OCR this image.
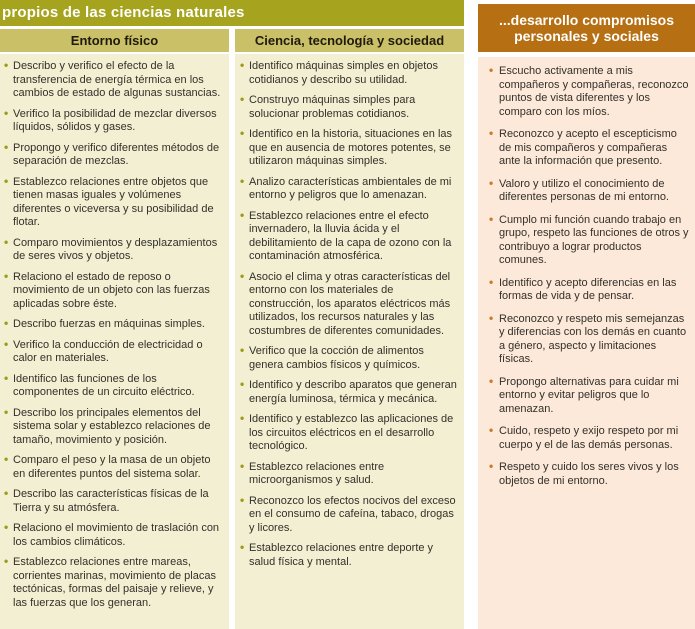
propios de las ciencias naturales	...desarrollo compromisos personales y sociales
Entorno físico	Ciencia, tecnología y sociedad
• Describo y verifico el efecto de la transferencia de energía térmica en los cambios de estado de algunas sustancias.
• Verifico la posibilidad de mezclar diversos líquidos, sólidos y gases.
• Propongo y verifico diferentes métodos de separación de mezclas.
• Establezco relaciones entre objetos que tienen masas iguales y volúmenes diferentes o viceversa y su posibilidad de flotar.
• Comparo movimientos y desplazamientos de seres vivos y objetos.
• Relaciono el estado de reposo o movimiento de un objeto con las fuerzas aplicadas sobre éste.
• Describo fuerzas en máquinas simples.
• Verifico la conducción de electricidad o calor en materiales.
• Identifico las funciones de los componentes de un circuito eléctrico.
• Describo los principales elementos del sistema solar y establezco relaciones de tamaño, movimiento y posición.
• Comparo el peso y la masa de un objeto en diferentes puntos del sistema solar.
• Describo las características físicas de la Tierra y su atmósfera.
• Relaciono el movimiento de traslación con los cambios climáticos.
• Establezco relaciones entre mareas, corrientes marinas, movimiento de placas tectónicas, formas del paisaje y relieve, y las fuerzas que los generan.
• Identifico máquinas simples en objetos cotidianos y describo su utilidad.
• Construyo máquinas simples para solucionar problemas cotidianos.
• Identifico en la historia, situaciones en las que en ausencia de motores potentes, se utilizaron máquinas simples.
• Analizo características ambientales de mi entorno y peligros que lo amenazan.
• Establezco relaciones entre el efecto invernadero, la lluvia ácida y el debilitamiento de la capa de ozono con la contaminación atmosférica.
• Asocio el clima y otras características del entorno con los materiales de construcción, los aparatos eléctricos más utilizados, los recursos naturales y las costumbres de diferentes comunidades.
• Verifico que la cocción de alimentos genera cambios físicos y químicos.
• Identifico y describo aparatos que generan energía luminosa, térmica y mecánica.
• Identifico y establezco las aplicaciones de los circuitos eléctricos en el desarrollo tecnológico.
• Establezco relaciones entre microorganismos y salud.
• Reconozco los efectos nocivos del exceso en el consumo de cafeína, tabaco, drogas y licores.
• Establezco relaciones entre deporte y salud física y mental.
• Escucho activamente a mis compañeros y compañeras, reconozco puntos de vista diferentes y los comparo con los míos.
• Reconozco y acepto el escepticismo de mis compañeros y compañeras ante la información que presento.
• Valoro y utilizo el conocimiento de diferentes personas de mi entorno.
• Cumplo mi función cuando trabajo en grupo, respeto las funciones de otros y contribuyo a lograr productos comunes.
• Identifico y acepto diferencias en las formas de vida y de pensar.
• Reconozco y respeto mis semejanzas y diferencias con los demás en cuanto a género, aspecto y limitaciones físicas.
• Propongo alternativas para cuidar mi entorno y evitar peligros que lo amenazan.
• Cuido, respeto y exijo respeto por mi cuerpo y el de las demás personas.
• Respeto y cuido los seres vivos y los objetos de mi entorno.
